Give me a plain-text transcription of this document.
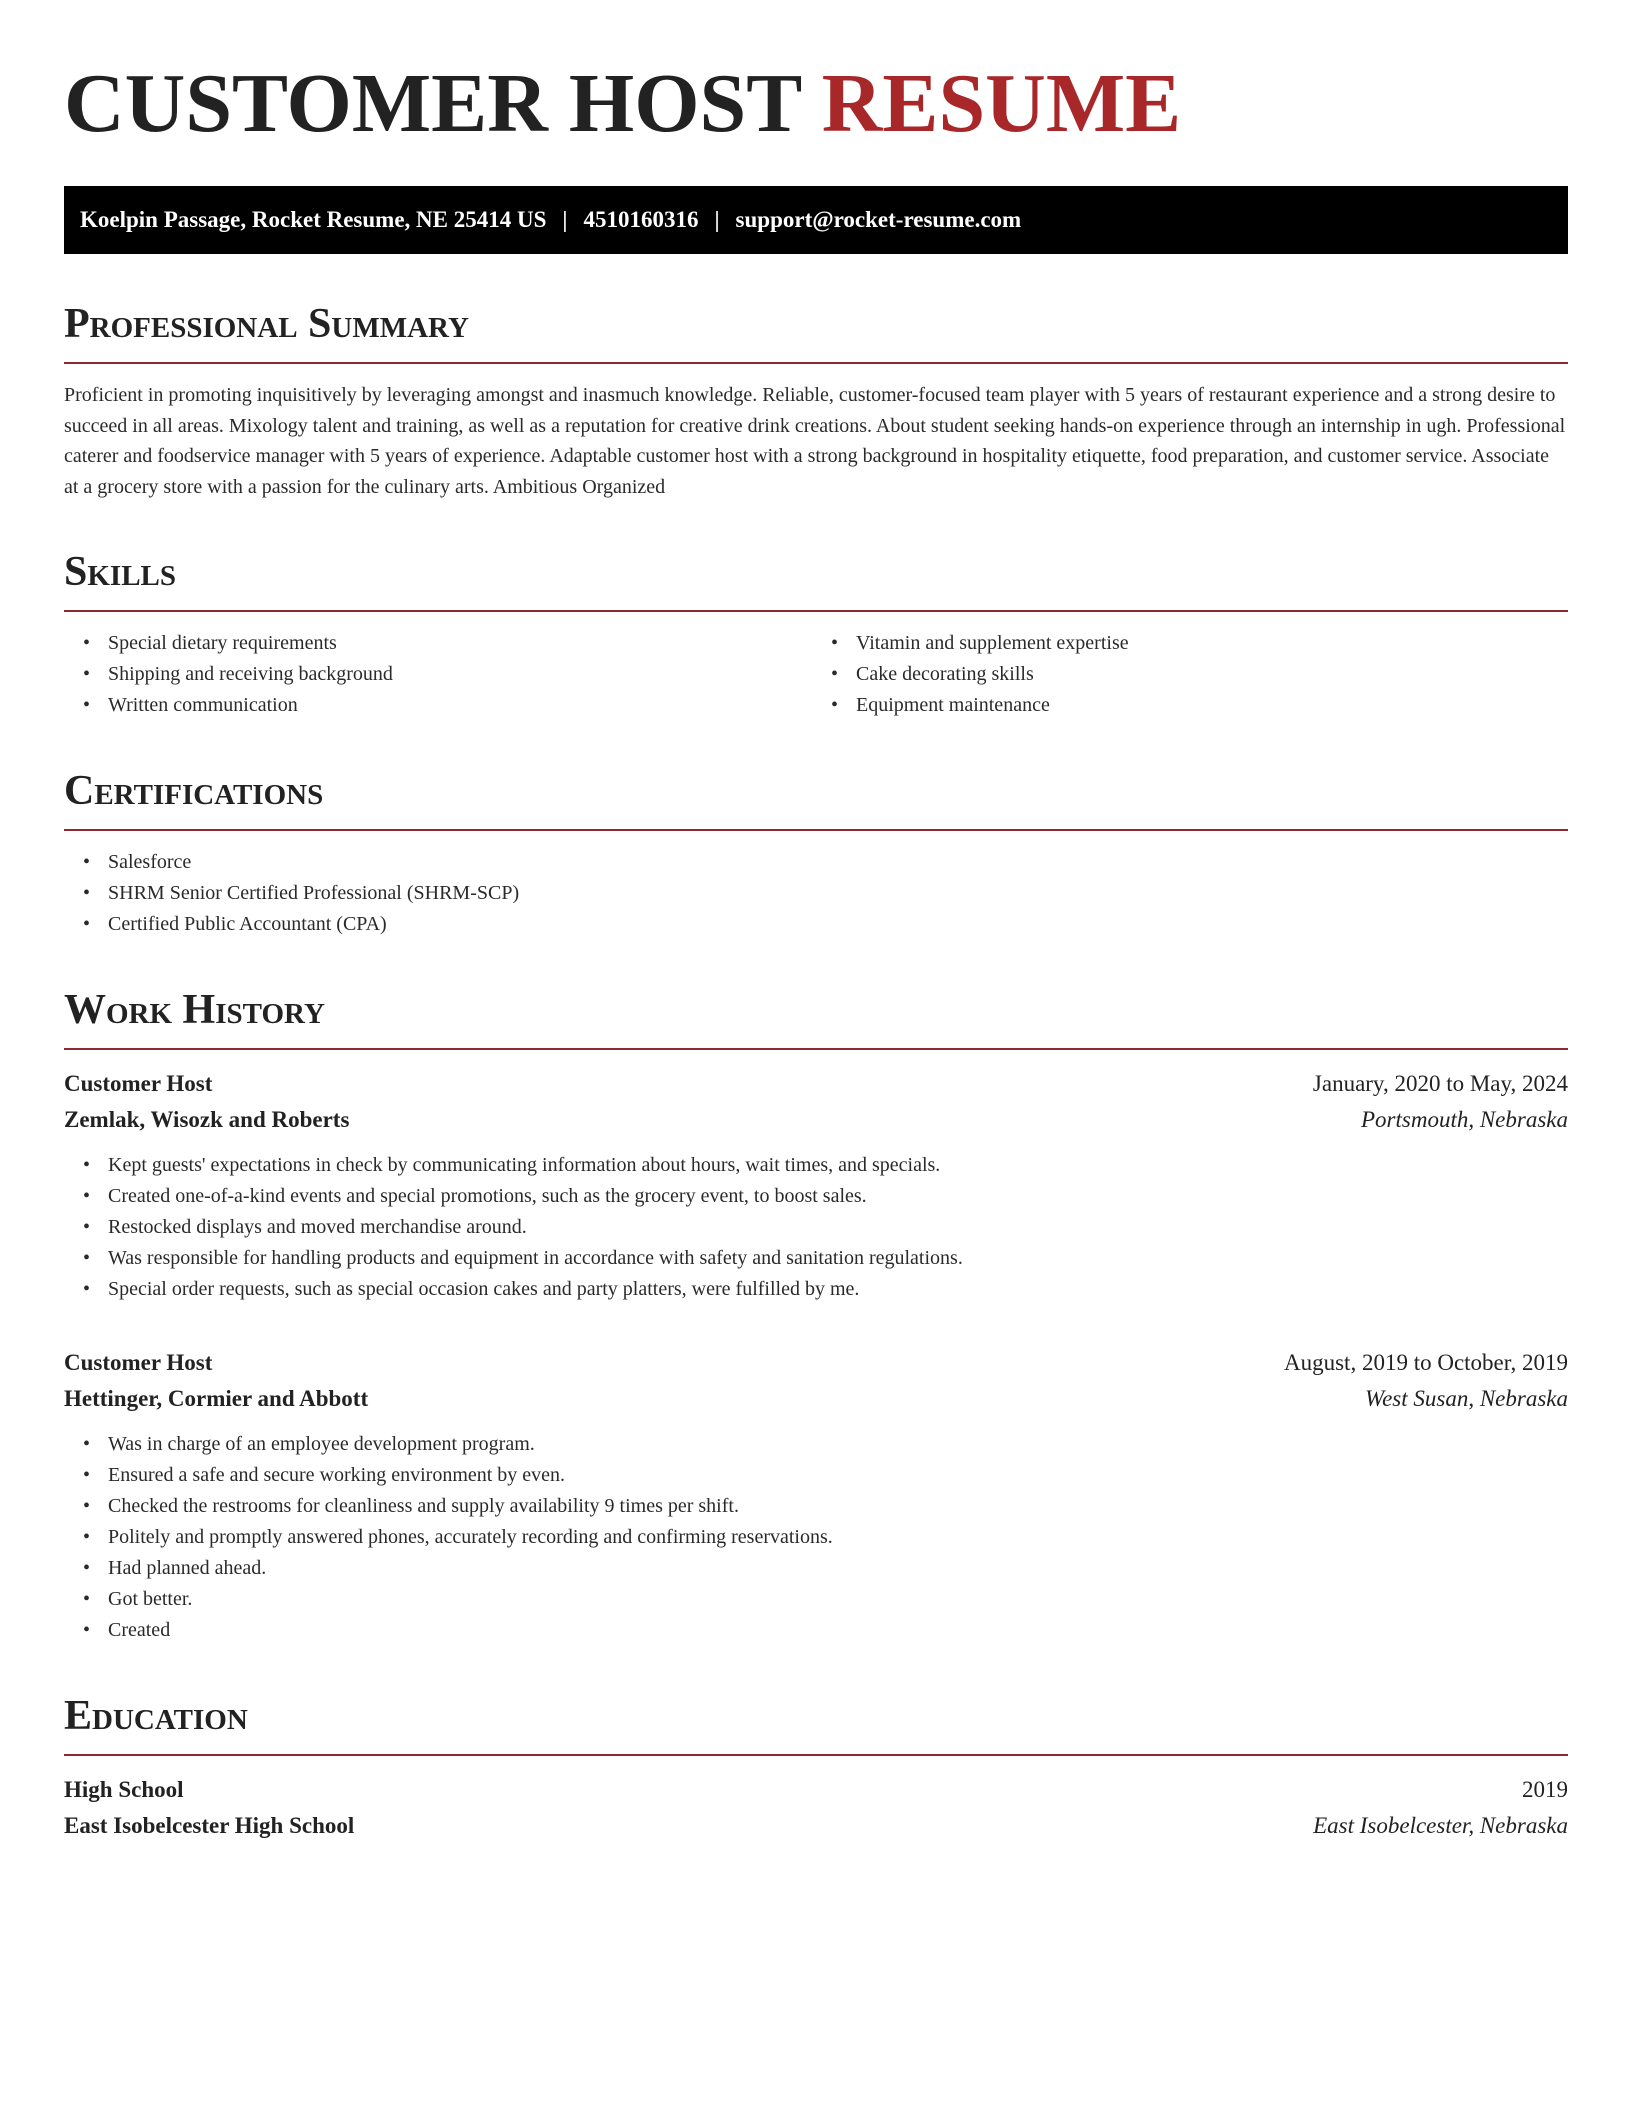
CUSTOMER HOST RESUME
Koelpin Passage, Rocket Resume, NE 25414 US | 4510160316 | support@rocket-resume.com
Professional Summary

Proficient in promoting inquisitively by leveraging amongst and inasmuch knowledge. Reliable, customer-focused team player with 5 years of restaurant experience and a strong desire to succeed in all areas. Mixology talent and training, as well as a reputation for creative drink creations. About student seeking hands-on experience through an internship in ugh. Professional caterer and foodservice manager with 5 years of experience. Adaptable customer host with a strong background in hospitality etiquette, food preparation, and customer service. Associate at a grocery store with a passion for the culinary arts. Ambitious Organized

Skills
• Special dietary requirements
• Shipping and receiving background
• Written communication
• Vitamin and supplement expertise
• Cake decorating skills
• Equipment maintenance
Certifications
• Salesforce
• SHRM Senior Certified Professional (SHRM-SCP)
• Certified Public Accountant (CPA)
Work History
Customer Host	January, 2020 to May, 2024
Zemlak, Wisozk and Roberts	Portsmouth, Nebraska
• Kept guests' expectations in check by communicating information about hours, wait times, and specials.
• Created one-of-a-kind events and special promotions, such as the grocery event, to boost sales.
• Restocked displays and moved merchandise around.
• Was responsible for handling products and equipment in accordance with safety and sanitation regulations.
• Special order requests, such as special occasion cakes and party platters, were fulfilled by me.
Customer Host	August, 2019 to October, 2019
Hettinger, Cormier and Abbott	West Susan, Nebraska
• Was in charge of an employee development program.
• Ensured a safe and secure working environment by even.
• Checked the restrooms for cleanliness and supply availability 9 times per shift.
• Politely and promptly answered phones, accurately recording and confirming reservations.
• Had planned ahead.
• Got better.
• Created
Education
High School	2019
East Isobelcester High School	East Isobelcester, Nebraska
